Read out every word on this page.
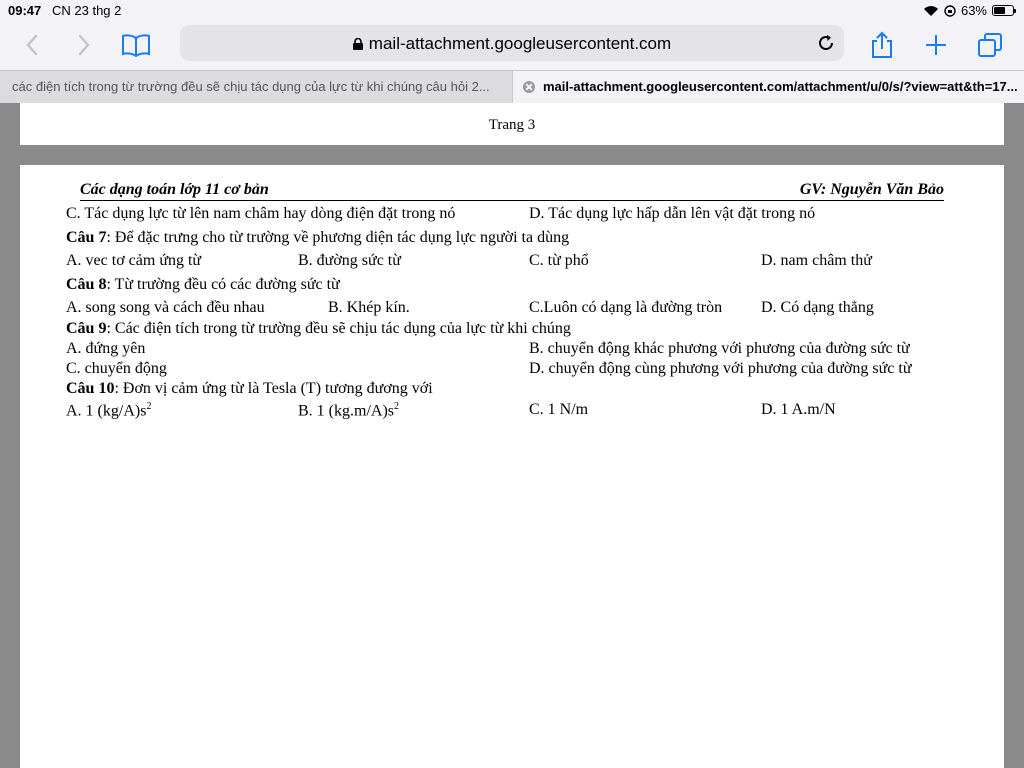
09:47 CN 23 thg 2	63%
mail-attachment.googleusercontent.com
các điện tích trong từ trường đều sẽ chịu tác dụng của lực từ khi chúng câu hỏi 2...	mail-attachment.googleusercontent.com/attachment/u/0/s/?view=att&th=17...
Trang 3
Các dạng toán lớp 11 cơ bản	GV: Nguyễn Văn Bảo
C. Tác dụng lực từ lên nam châm hay dòng điện đặt trong nó	D. Tác dụng lực hấp dẫn lên vật đặt trong nó
Câu 7: Để đặc trưng cho từ trường về phương diện tác dụng lực người ta dùng
A. vec tơ cảm ứng từ	B. đường sức từ	C. từ phổ	D. nam châm thử
Câu 8: Từ trường đều có các đường sức từ
A. song song và cách đều nhau	B. Khép kín.	C.Luôn có dạng là đường tròn D. Có dạng thẳng
Câu 9: Các điện tích trong từ trường đều sẽ chịu tác dụng của lực từ khi chúng
A. đứng yên	B. chuyển động khác phương với phương của đường sức từ
C. chuyển động	D. chuyển động cùng phương với phương của đường sức từ
Câu 10: Đơn vị cảm ứng từ là Tesla (T) tương đương với
A. 1 $(kg/A)s^2$	B. 1 $(kg.m/A)s^2$	C. 1 N/m	D. 1 A.m/N
